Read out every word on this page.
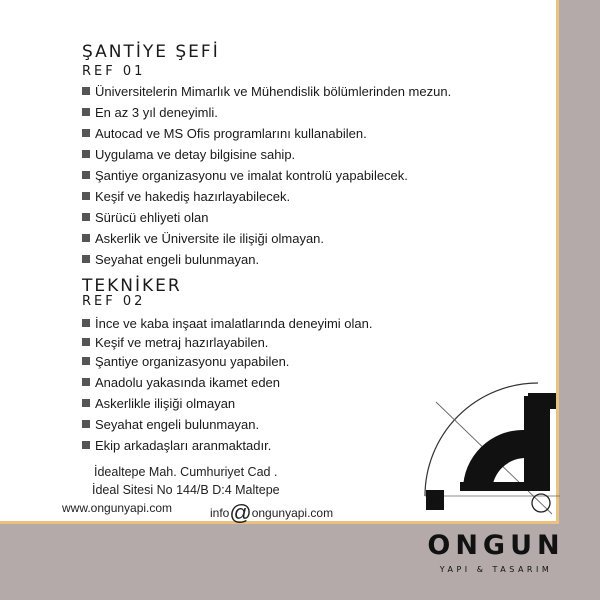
ŞANTİYE ŞEFİ
REF 01
Üniversitelerin Mimarlık ve Mühendislik bölümlerinden mezun.
En az 3 yıl deneyimli.
Autocad ve MS Ofis programlarını kullanabilen.
Uygulama ve detay bilgisine sahip.
Şantiye organizasyonu ve imalat kontrolü yapabilecek.
Keşif ve hakediş hazırlayabilecek.
Sürücü ehliyeti olan
Askerlik ve Üniversite ile ilişiği olmayan.
Seyahat engeli bulunmayan.
TEKNİKER
REF 02
İnce ve kaba inşaat imalatlarında deneyimi olan.
Keşif ve metraj hazırlayabilen.
Şantiye organizasyonu yapabilen.
Anadolu yakasında ikamet eden
Askerlikle ilişiği olmayan
Seyahat engeli bulunmayan.
Ekip arkadaşları aranmaktadır.
İdealtepe Mah. Cumhuriyet Cad .
İdeal Sitesi No 144/B D:4 Maltepe
www.ongunyapi.com	info@ongunyapi.com
ONGUN
YAPI & TASARIM
